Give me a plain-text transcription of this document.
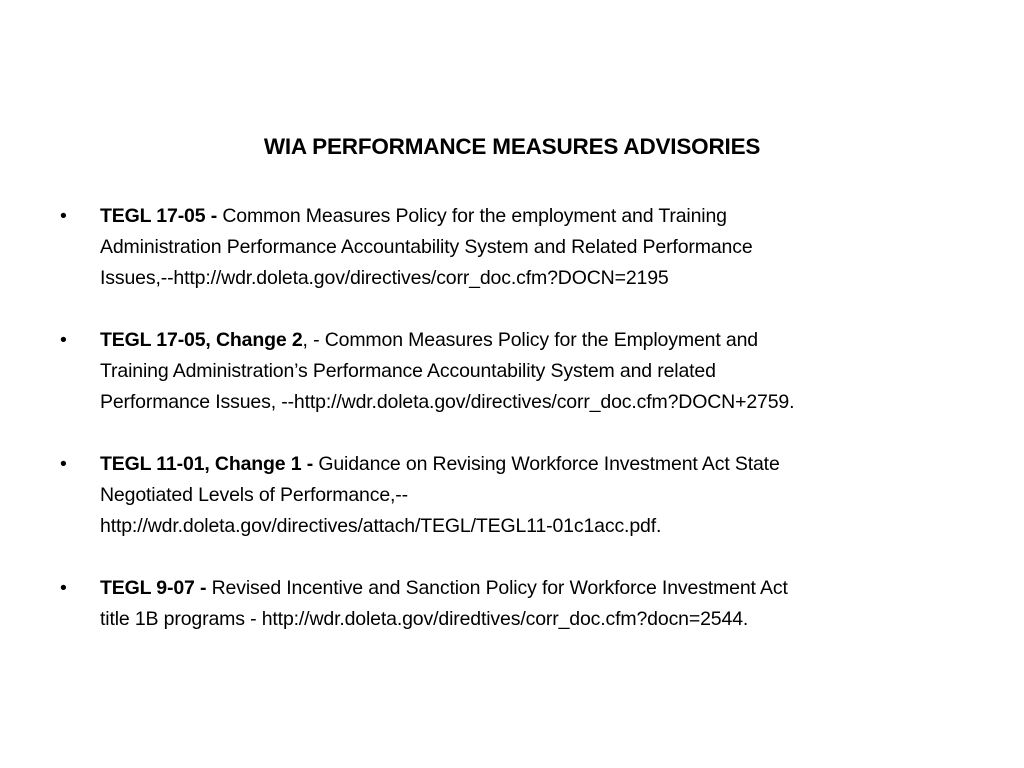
WIA PERFORMANCE MEASURES ADVISORIES
•	TEGL 17-05 - Common Measures Policy for the employment and Training
Administration Performance Accountability System and Related Performance
Issues,--http://wdr.doleta.gov/directives/corr_doc.cfm?DOCN=2195
•	TEGL 17-05, Change 2, - Common Measures Policy for the Employment and
Training Administration’s Performance Accountability System and related
Performance Issues, --http://wdr.doleta.gov/directives/corr_doc.cfm?DOCN+2759.
•	TEGL 11-01, Change 1 - Guidance on Revising Workforce Investment Act State
Negotiated Levels of Performance,--
http://wdr.doleta.gov/directives/attach/TEGL/TEGL11-01c1acc.pdf.
•	TEGL 9-07 - Revised Incentive and Sanction Policy for Workforce Investment Act
title 1B programs - http://wdr.doleta.gov/diredtives/corr_doc.cfm?docn=2544.
